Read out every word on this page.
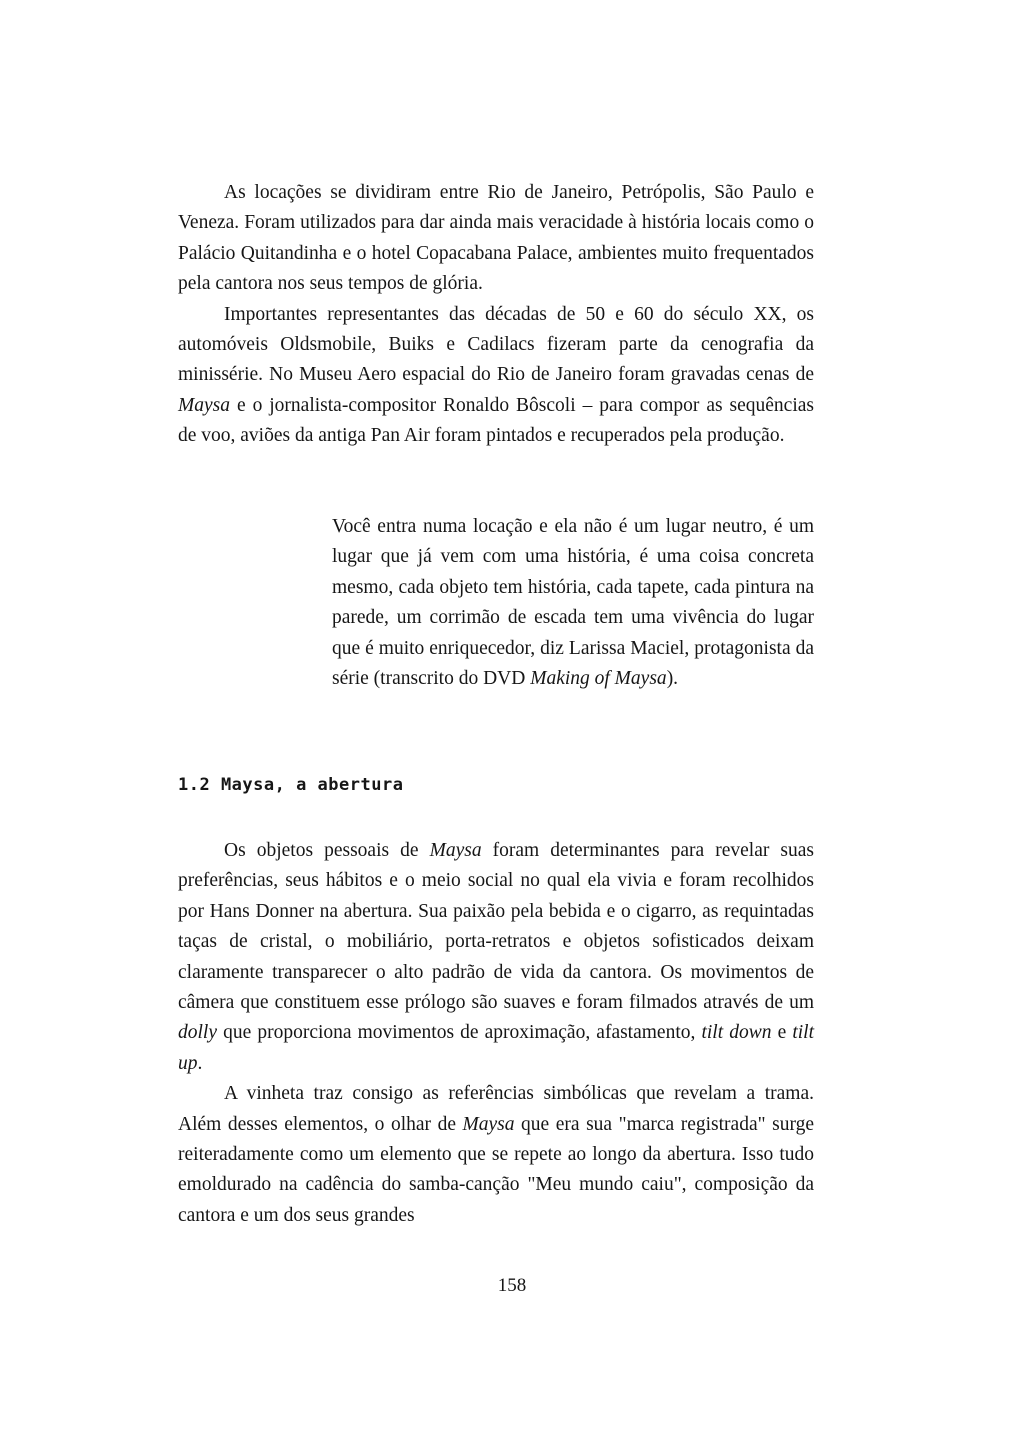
As locações se dividiram entre Rio de Janeiro, Petrópolis, São Paulo e Veneza. Foram utilizados para dar ainda mais veracidade à história locais como o Palácio Quitandinha e o hotel Copacabana Palace, ambientes muito frequentados pela cantora nos seus tempos de glória.

Importantes representantes das décadas de 50 e 60 do século XX, os automóveis Oldsmobile, Buiks e Cadilacs fizeram parte da cenografia da minissérie. No Museu Aero espacial do Rio de Janeiro foram gravadas cenas de Maysa e o jornalista-compositor Ronaldo Bôscoli – para compor as sequências de voo, aviões da antiga Pan Air foram pintados e recuperados pela produção.

Você entra numa locação e ela não é um lugar neutro, é um lugar que já vem com uma história, é uma coisa concreta mesmo, cada objeto tem história, cada tapete, cada pintura na parede, um corrimão de escada tem uma vivência do lugar que é muito enriquecedor, diz Larissa Maciel, protagonista da série (transcrito do DVD Making of Maysa).
1.2 Maysa, a abertura

Os objetos pessoais de Maysa foram determinantes para revelar suas preferências, seus hábitos e o meio social no qual ela vivia e foram recolhidos por Hans Donner na abertura. Sua paixão pela bebida e o cigarro, as requintadas taças de cristal, o mobiliário, porta-retratos e objetos sofisticados deixam claramente transparecer o alto padrão de vida da cantora. Os movimentos de câmera que constituem esse prólogo são suaves e foram filmados através de um dolly que proporciona movimentos de aproximação, afastamento, tilt down e tilt up.

A vinheta traz consigo as referências simbólicas que revelam a trama. Além desses elementos, o olhar de Maysa que era sua "marca registrada" surge reiteradamente como um elemento que se repete ao longo da abertura. Isso tudo emoldurado na cadência do samba-canção "Meu mundo caiu", composição da cantora e um dos seus grandes

158
